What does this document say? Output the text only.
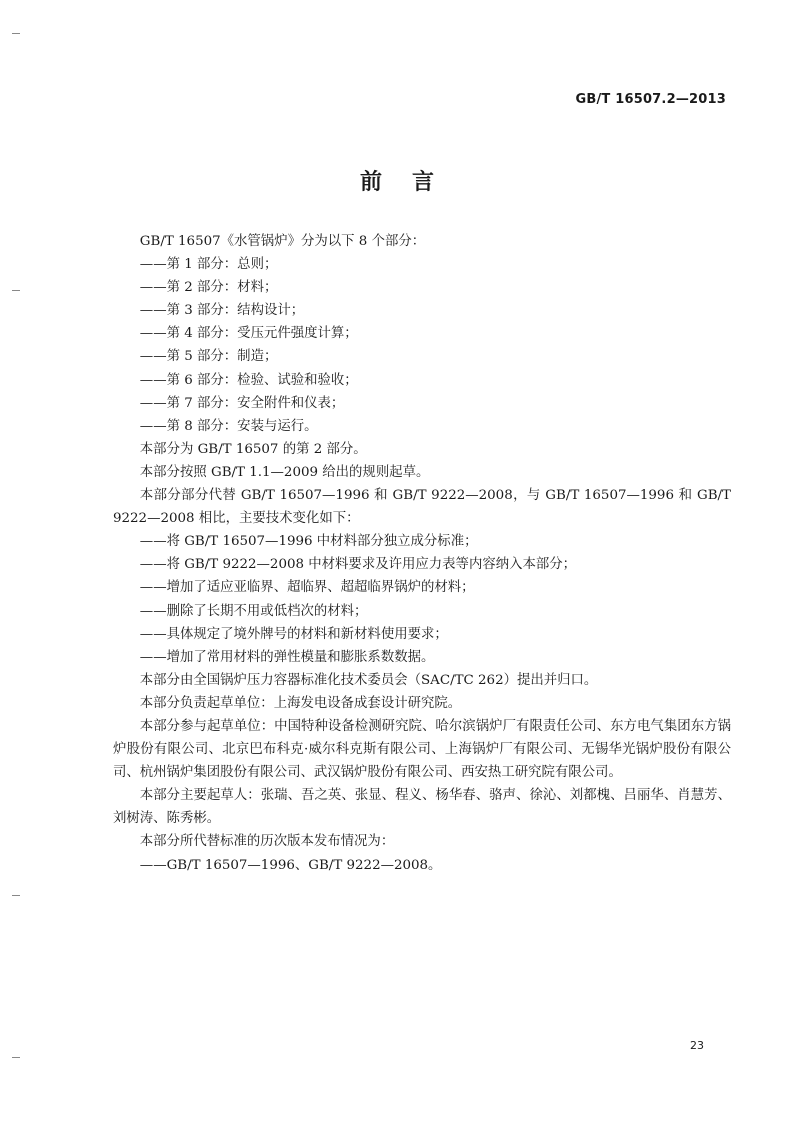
GB/T 16507.2—2013
前言

GB/T 16507《水管锅炉》分为以下 8 个部分：

——第 1 部分：总则；

——第 2 部分：材料；

——第 3 部分：结构设计；

——第 4 部分：受压元件强度计算；

——第 5 部分：制造；

——第 6 部分：检验、试验和验收；

——第 7 部分：安全附件和仪表；

——第 8 部分：安装与运行。

本部分为 GB/T 16507 的第 2 部分。

本部分按照 GB/T 1.1—2009 给出的规则起草。

本部分部分代替 GB/T 16507—1996 和 GB/T 9222—2008，与 GB/T 16507—1996 和 GB/T 9222—2008 相比，主要技术变化如下：

——将 GB/T 16507—1996 中材料部分独立成分标准；

——将 GB/T 9222—2008 中材料要求及许用应力表等内容纳入本部分；

——增加了适应亚临界、超临界、超超临界锅炉的材料；

——删除了长期不用或低档次的材料；

——具体规定了境外牌号的材料和新材料使用要求；

——增加了常用材料的弹性模量和膨胀系数数据。

本部分由全国锅炉压力容器标准化技术委员会（SAC/TC 262）提出并归口。

本部分负责起草单位：上海发电设备成套设计研究院。

本部分参与起草单位：中国特种设备检测研究院、哈尔滨锅炉厂有限责任公司、东方电气集团东方锅炉股份有限公司、北京巴布科克·威尔科克斯有限公司、上海锅炉厂有限公司、无锡华光锅炉股份有限公司、杭州锅炉集团股份有限公司、武汉锅炉股份有限公司、西安热工研究院有限公司。

本部分主要起草人：张瑞、吾之英、张显、程义、杨华春、骆声、徐沁、刘都槐、吕丽华、肖慧芳、刘树涛、陈秀彬。

本部分所代替标准的历次版本发布情况为：

——GB/T 16507—1996、GB/T 9222—2008。

23
